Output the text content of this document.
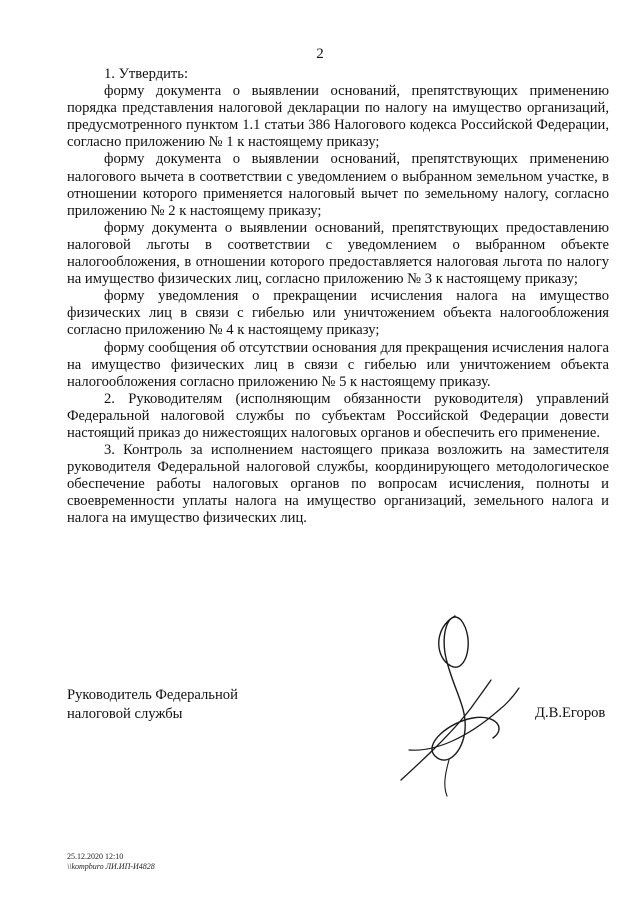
2

1. Утвердить:

форму документа о выявлении оснований, препятствующих применению порядка представления налоговой декларации по налогу на имущество организаций, предусмотренного пунктом 1.1 статьи 386 Налогового кодекса Российской Федерации, согласно приложению № 1 к настоящему приказу;

форму документа о выявлении оснований, препятствующих применению налогового вычета в соответствии с уведомлением о выбранном земельном участке, в отношении которого применяется налоговый вычет по земельному налогу, согласно приложению № 2 к настоящему приказу;

форму документа о выявлении оснований, препятствующих предоставлению налоговой льготы в соответствии с уведомлением о выбранном объекте налогообложения, в отношении которого предоставляется налоговая льгота по налогу на имущество физических лиц, согласно приложению № 3 к настоящему приказу;

форму уведомления о прекращении исчисления налога на имущество физических лиц в связи с гибелью или уничтожением объекта налогообложения согласно приложению № 4 к настоящему приказу;

форму сообщения об отсутствии основания для прекращения исчисления налога на имущество физических лиц в связи с гибелью или уничтожением объекта налогообложения согласно приложению № 5 к настоящему приказу.

2. Руководителям (исполняющим обязанности руководителя) управлений Федеральной налоговой службы по субъектам Российской Федерации довести настоящий приказ до нижестоящих налоговых органов и обеспечить его применение.

3. Контроль за исполнением настоящего приказа возложить на заместителя руководителя Федеральной налоговой службы, координирующего методологическое обеспечение работы налоговых органов по вопросам исчисления, полноты и своевременности уплаты налога на имущество организаций, земельного налога и налога на имущество физических лиц.

Руководитель Федеральной
налоговой службы	Д.В.Егоров
25.12.2020 12:10
\\kompburo ЛИ.ИП-И4828
